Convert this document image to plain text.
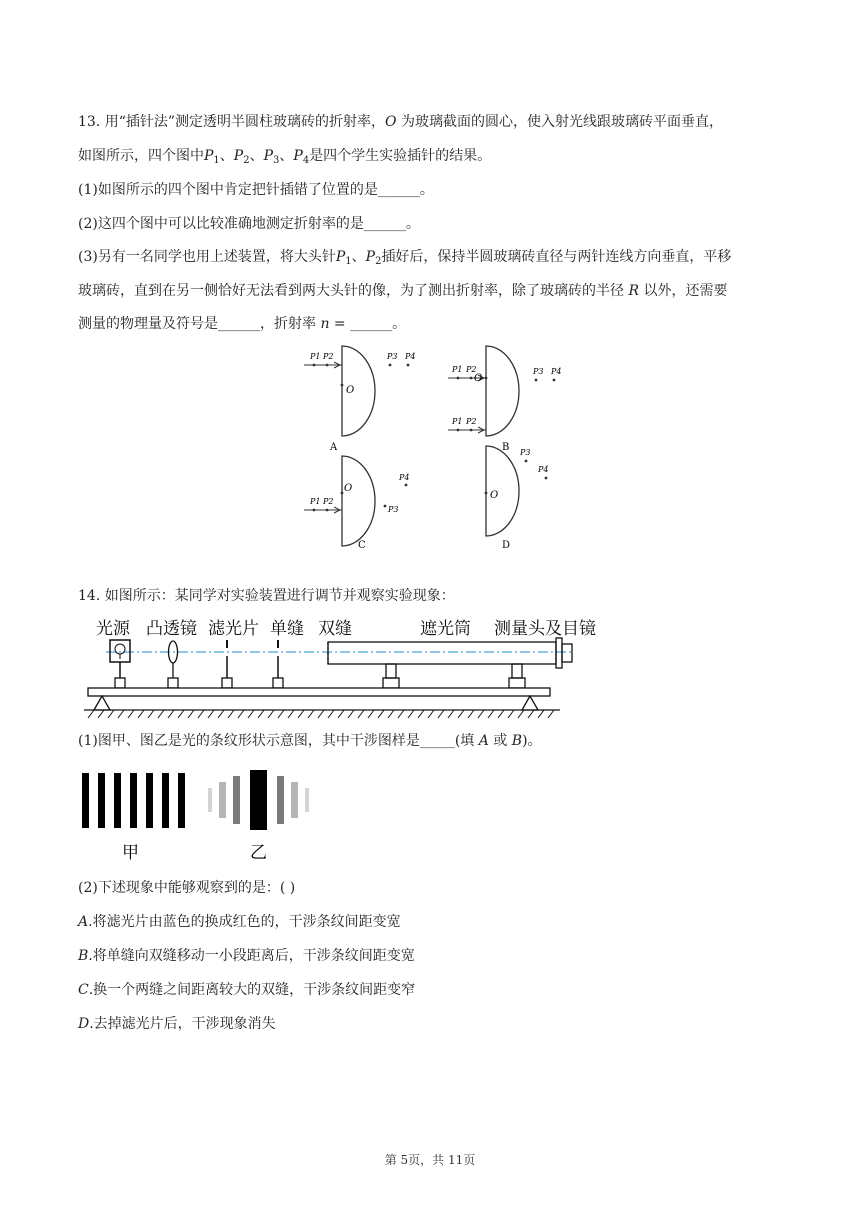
13. 用“插针法”测定透明半圆柱玻璃砖的折射率，O 为玻璃截面的圆心，使入射光线跟玻璃砖平面垂直，
如图所示，四个图中$P_1$、$P_2$、$P_3$、$P_4$是四个学生实验插针的结果。
(1)如图所示的四个图中肯定把针插错了位置的是______。
(2)这四个图中可以比较准确地测定折射率的是______。
(3)另有一名同学也用上述装置，将大头针$P_1$、$P_2$插好后，保持半圆玻璃砖直径与两针连线方向垂直，平移
玻璃砖，直到在另一侧恰好无法看到两大头针的像，为了测出折射率，除了玻璃砖的半径 R 以外，还需要
测量的物理量及符号是______，折射率 n = ______。
P1 P2
O
P3 P4
A
P1 P2
O
P3 P4
B
P1 P2
O
P3
P4
C
P1 P2
O
P3
P4
D
14. 如图所示：某同学对实验装置进行调节并观察实验现象：
光源 凸透镜 滤光片 单缝 双缝	遮光筒 测量头及目镜
(1)图甲、图乙是光的条纹形状示意图，其中干涉图样是_____(填 A 或 B)。
甲	乙
(2)下述现象中能够观察到的是：( )
A.将滤光片由蓝色的换成红色的，干涉条纹间距变宽
B.将单缝向双缝移动一小段距离后，干涉条纹间距变宽
C.换一个两缝之间距离较大的双缝，干涉条纹间距变窄
D.去掉滤光片后，干涉现象消失
第 5页，共 11页
